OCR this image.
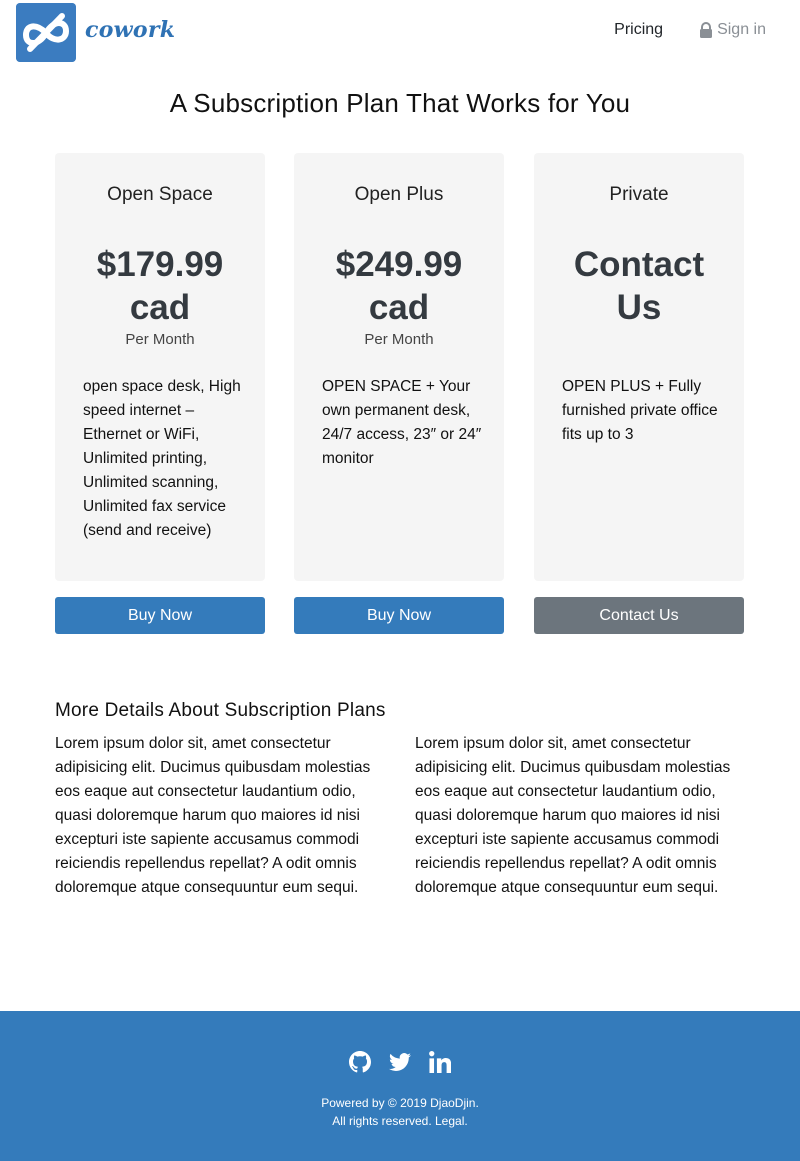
cowork	Pricing	Sign in
A Subscription Plan That Works for You
Open Space
$179.99
cad
Per Month
open space desk, High speed internet – Ethernet or WiFi, Unlimited printing, Unlimited scanning, Unlimited fax service (send and receive)
Buy Now
Open Plus
$249.99
cad
Per Month
OPEN SPACE + Your own permanent desk, 24/7 access, 23″ or 24″ monitor
Buy Now
Private
Contact
Us
OPEN PLUS + Fully furnished private office fits up to 3
Contact Us
More Details About Subscription Plans

Lorem ipsum dolor sit, amet consectetur adipisicing elit. Ducimus quibusdam molestias eos eaque aut consectetur laudantium odio, quasi doloremque harum quo maiores id nisi excepturi iste sapiente accusamus commodi reiciendis repellendus repellat? A odit omnis doloremque atque consequuntur eum sequi.

Lorem ipsum dolor sit, amet consectetur adipisicing elit. Ducimus quibusdam molestias eos eaque aut consectetur laudantium odio, quasi doloremque harum quo maiores id nisi excepturi iste sapiente accusamus commodi reiciendis repellendus repellat? A odit omnis doloremque atque consequuntur eum sequi.

Powered by © 2019 DjaoDjin.
All rights reserved. Legal.
